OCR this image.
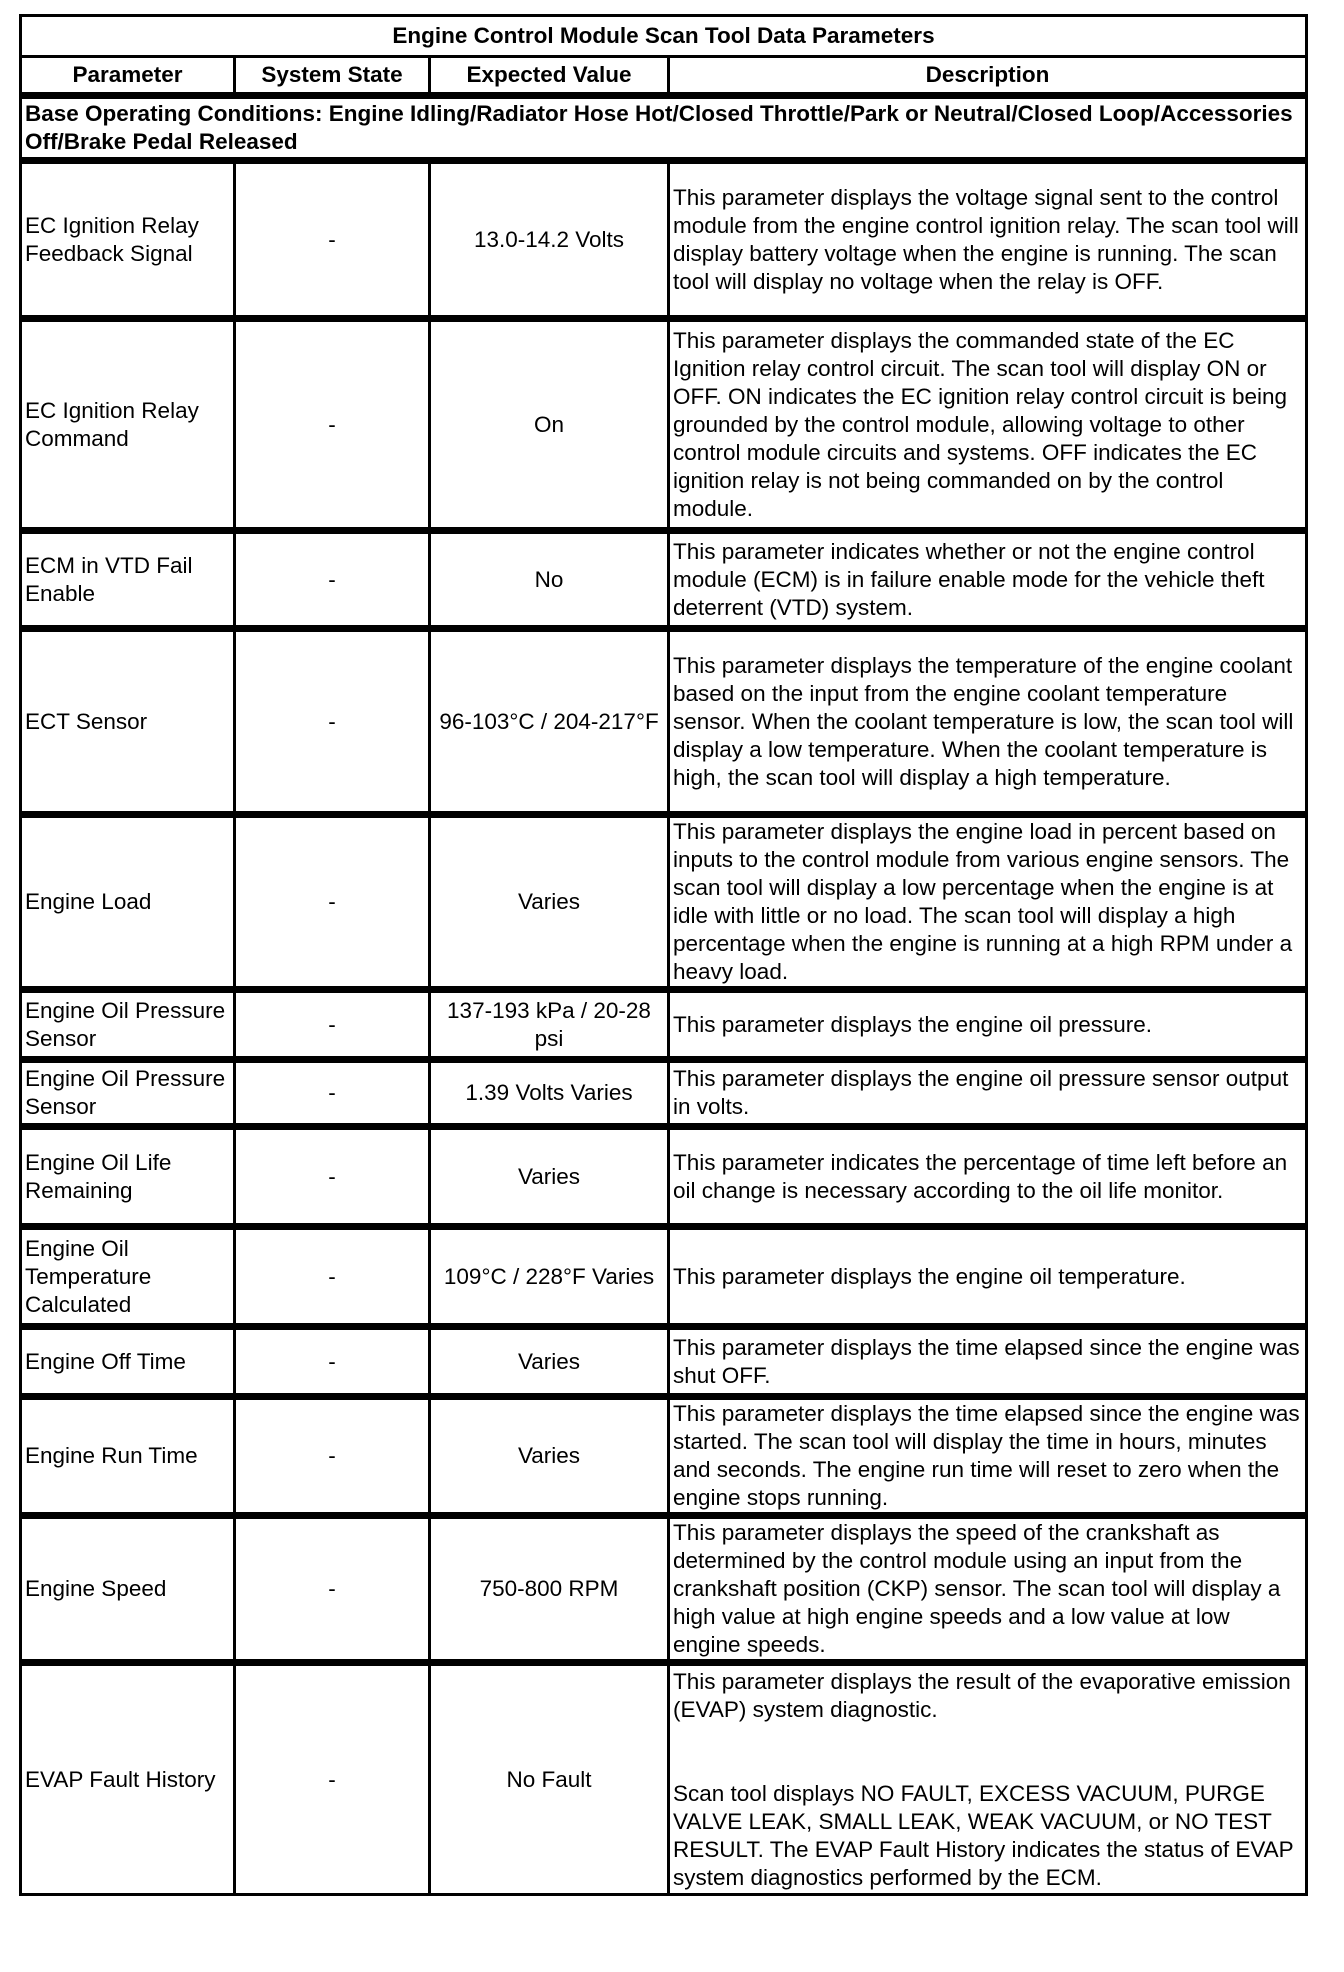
Engine Control Module Scan Tool Data Parameters			
Parameter	System State	Expected Value	Description
Base Operating Conditions: Engine Idling/Radiator Hose Hot/Closed Throttle/Park or Neutral/Closed Loop/Accessories Off/Brake Pedal Released			
EC Ignition Relay Feedback Signal	-	13.0-14.2 Volts	This parameter displays the voltage signal sent to the control module from the engine control ignition relay. The scan tool will display battery voltage when the engine is running. The scan tool will display no voltage when the relay is OFF.
EC Ignition Relay Command	-	On	This parameter displays the commanded state of the EC Ignition relay control circuit. The scan tool will display ON or OFF. ON indicates the EC ignition relay control circuit is being grounded by the control module, allowing voltage to other control module circuits and systems. OFF indicates the EC ignition relay is not being commanded on by the control module.
ECM in VTD Fail Enable	-	No	This parameter indicates whether or not the engine control module (ECM) is in failure enable mode for the vehicle theft deterrent (VTD) system.
ECT Sensor	-	96-103°C / 204-217°F	This parameter displays the temperature of the engine coolant based on the input from the engine coolant temperature sensor. When the coolant temperature is low, the scan tool will display a low temperature. When the coolant temperature is high, the scan tool will display a high temperature.
Engine Load	-	Varies	This parameter displays the engine load in percent based on inputs to the control module from various engine sensors. The scan tool will display a low percentage when the engine is at idle with little or no load. The scan tool will display a high percentage when the engine is running at a high RPM under a heavy load.
Engine Oil Pressure Sensor	-	137-193 kPa / 20-28 psi	This parameter displays the engine oil pressure.
Engine Oil Pressure Sensor	-	1.39 Volts Varies	This parameter displays the engine oil pressure sensor output in volts.
Engine Oil Life Remaining	-	Varies	This parameter indicates the percentage of time left before an oil change is necessary according to the oil life monitor.
Engine Oil Temperature Calculated	-	109°C / 228°F Varies	This parameter displays the engine oil temperature.
Engine Off Time	-	Varies	This parameter displays the time elapsed since the engine was shut OFF.
Engine Run Time	-	Varies	This parameter displays the time elapsed since the engine was started. The scan tool will display the time in hours, minutes and seconds. The engine run time will reset to zero when the engine stops running.
Engine Speed	-	750-800 RPM	This parameter displays the speed of the crankshaft as determined by the control module using an input from the crankshaft position (CKP) sensor. The scan tool will display a high value at high engine speeds and a low value at low engine speeds.
EVAP Fault History	-	No Fault	This parameter displays the result of the evaporative emission (EVAP) system diagnostic.
Scan tool displays NO FAULT, EXCESS VACUUM, PURGE VALVE LEAK, SMALL LEAK, WEAK VACUUM, or NO TEST RESULT. The EVAP Fault History indicates the status of EVAP system diagnostics performed by the ECM.
